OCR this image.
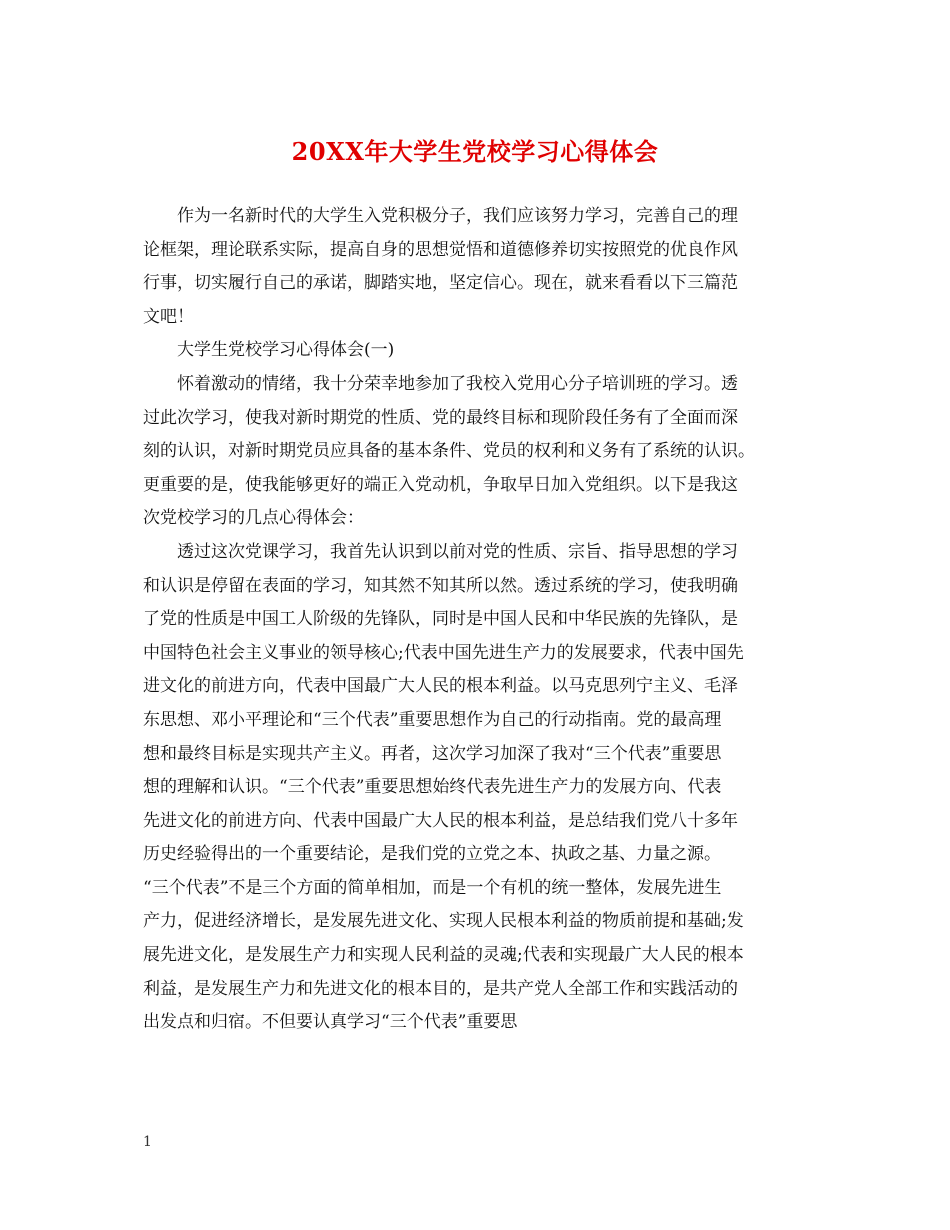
20XX年大学生党校学习心得体会
作为一名新时代的大学生入党积极分子，我们应该努力学习，完善自己的理
论框架，理论联系实际，提高自身的思想觉悟和道德修养切实按照党的优良作风
行事，切实履行自己的承诺，脚踏实地，坚定信心。现在，就来看看以下三篇范
文吧！
大学生党校学习心得体会(一)
怀着激动的情绪，我十分荣幸地参加了我校入党用心分子培训班的学习。透
过此次学习，使我对新时期党的性质、党的最终目标和现阶段任务有了全面而深
刻的认识，对新时期党员应具备的基本条件、党员的权利和义务有了系统的认识。
更重要的是，使我能够更好的端正入党动机，争取早日加入党组织。以下是我这
次党校学习的几点心得体会：
透过这次党课学习，我首先认识到以前对党的性质、宗旨、指导思想的学习
和认识是停留在表面的学习，知其然不知其所以然。透过系统的学习，使我明确
了党的性质是中国工人阶级的先锋队，同时是中国人民和中华民族的先锋队，是
中国特色社会主义事业的领导核心;代表中国先进生产力的发展要求，代表中国先
进文化的前进方向，代表中国最广大人民的根本利益。以马克思列宁主义、毛泽
东思想、邓小平理论和“三个代表”重要思想作为自己的行动指南。党的最高理
想和最终目标是实现共产主义。再者，这次学习加深了我对“三个代表”重要思
想的理解和认识。“三个代表”重要思想始终代表先进生产力的发展方向、代表
先进文化的前进方向、代表中国最广大人民的根本利益，是总结我们党八十多年
历史经验得出的一个重要结论，是我们党的立党之本、执政之基、力量之源。
“三个代表”不是三个方面的简单相加，而是一个有机的统一整体，发展先进生
产力，促进经济增长，是发展先进文化、实现人民根本利益的物质前提和基础;发
展先进文化，是发展生产力和实现人民利益的灵魂;代表和实现最广大人民的根本
利益，是发展生产力和先进文化的根本目的，是共产党人全部工作和实践活动的
出发点和归宿。不但要认真学习“三个代表”重要思
1
